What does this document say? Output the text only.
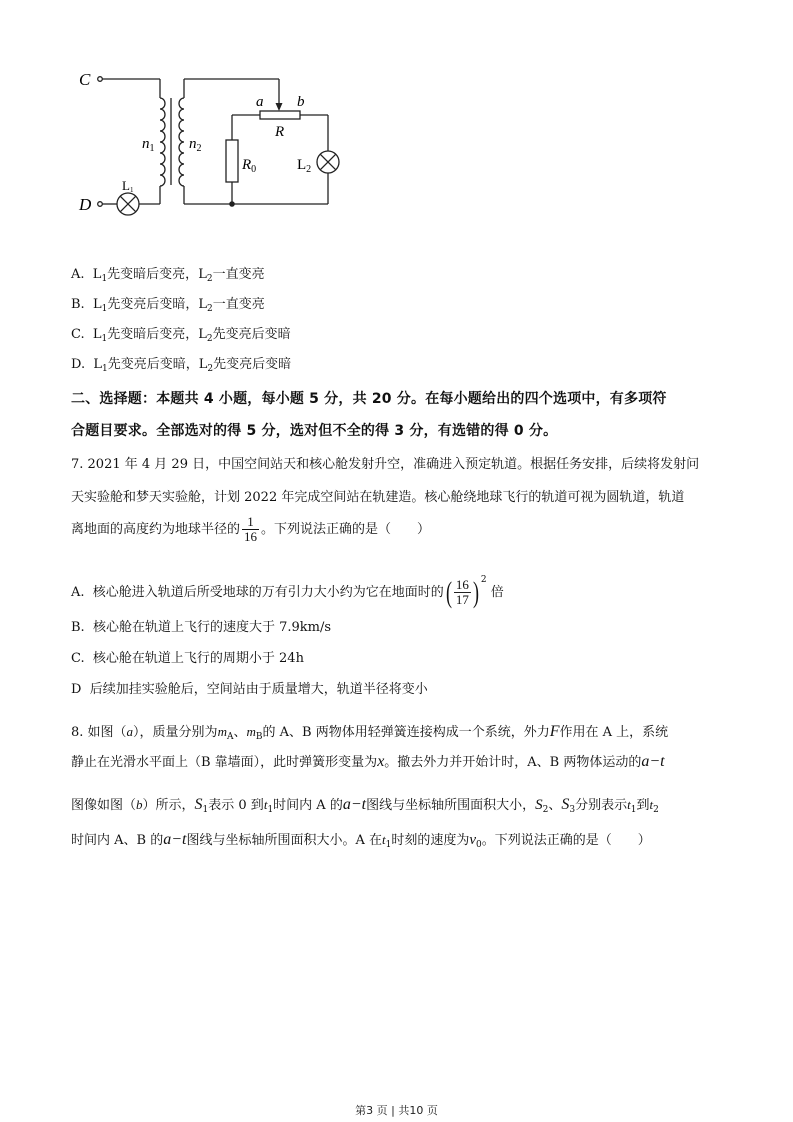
C
D
$n_1$ $n_2$
a b
R
$R_0$	$L_2$
L1
A. $L_1$先变暗后变亮，$L_2$一直变亮
B. $L_1$先变亮后变暗，$L_2$一直变亮
C. $L_1$先变暗后变亮，$L_2$先变亮后变暗
D. $L_1$先变亮后变暗，$L_2$先变亮后变暗
二、选择题：本题共 4 小题，每小题 5 分，共 20 分。在每小题给出的四个选项中，有多项符
合题目要求。全部选对的得 5 分，选对但不全的得 3 分，有选错的得 0 分。
7. 2021 年 4 月 29 日，中国空间站天和核心舱发射升空，准确进入预定轨道。根据任务安排，后续将发射问
天实验舱和梦天实验舱，计划 2022 年完成空间站在轨建造。核心舱绕地球飞行的轨道可视为圆轨道，轨道
离地面的高度约为地球半径的 $\frac{1}{16}$ 。下列说法正确的是（　　）
A. 核心舱进入轨道后所受地球的万有引力大小约为它在地面时的( $\frac{16}{17}$ ) $^2$ 倍
B. 核心舱在轨道上飞行的速度大于 7.9km/s
C. 核心舱在轨道上飞行的周期小于 24h
D 后续加挂实验舱后，空间站由于质量增大，轨道半径将变小
8. 如图（a），质量分别为$m_A$、$m_B$的 A、B 两物体用轻弹簧连接构成一个系统，外力F作用在 A 上，系统
静止在光滑水平面上（B 靠墙面），此时弹簧形变量为x。撤去外力并开始计时，A、B 两物体运动的a−t
图像如图（b）所示，$S_1$表示 0 到$t_1$时间内 A 的a−t图线与坐标轴所围面积大小，$S_2$、$S_3$分别表示$t_1$到$t_2$
时间内 A、B 的a−t图线与坐标轴所围面积大小。A 在$t_1$时刻的速度为$v_0$。下列说法正确的是（　　）
第3 页 | 共10 页
